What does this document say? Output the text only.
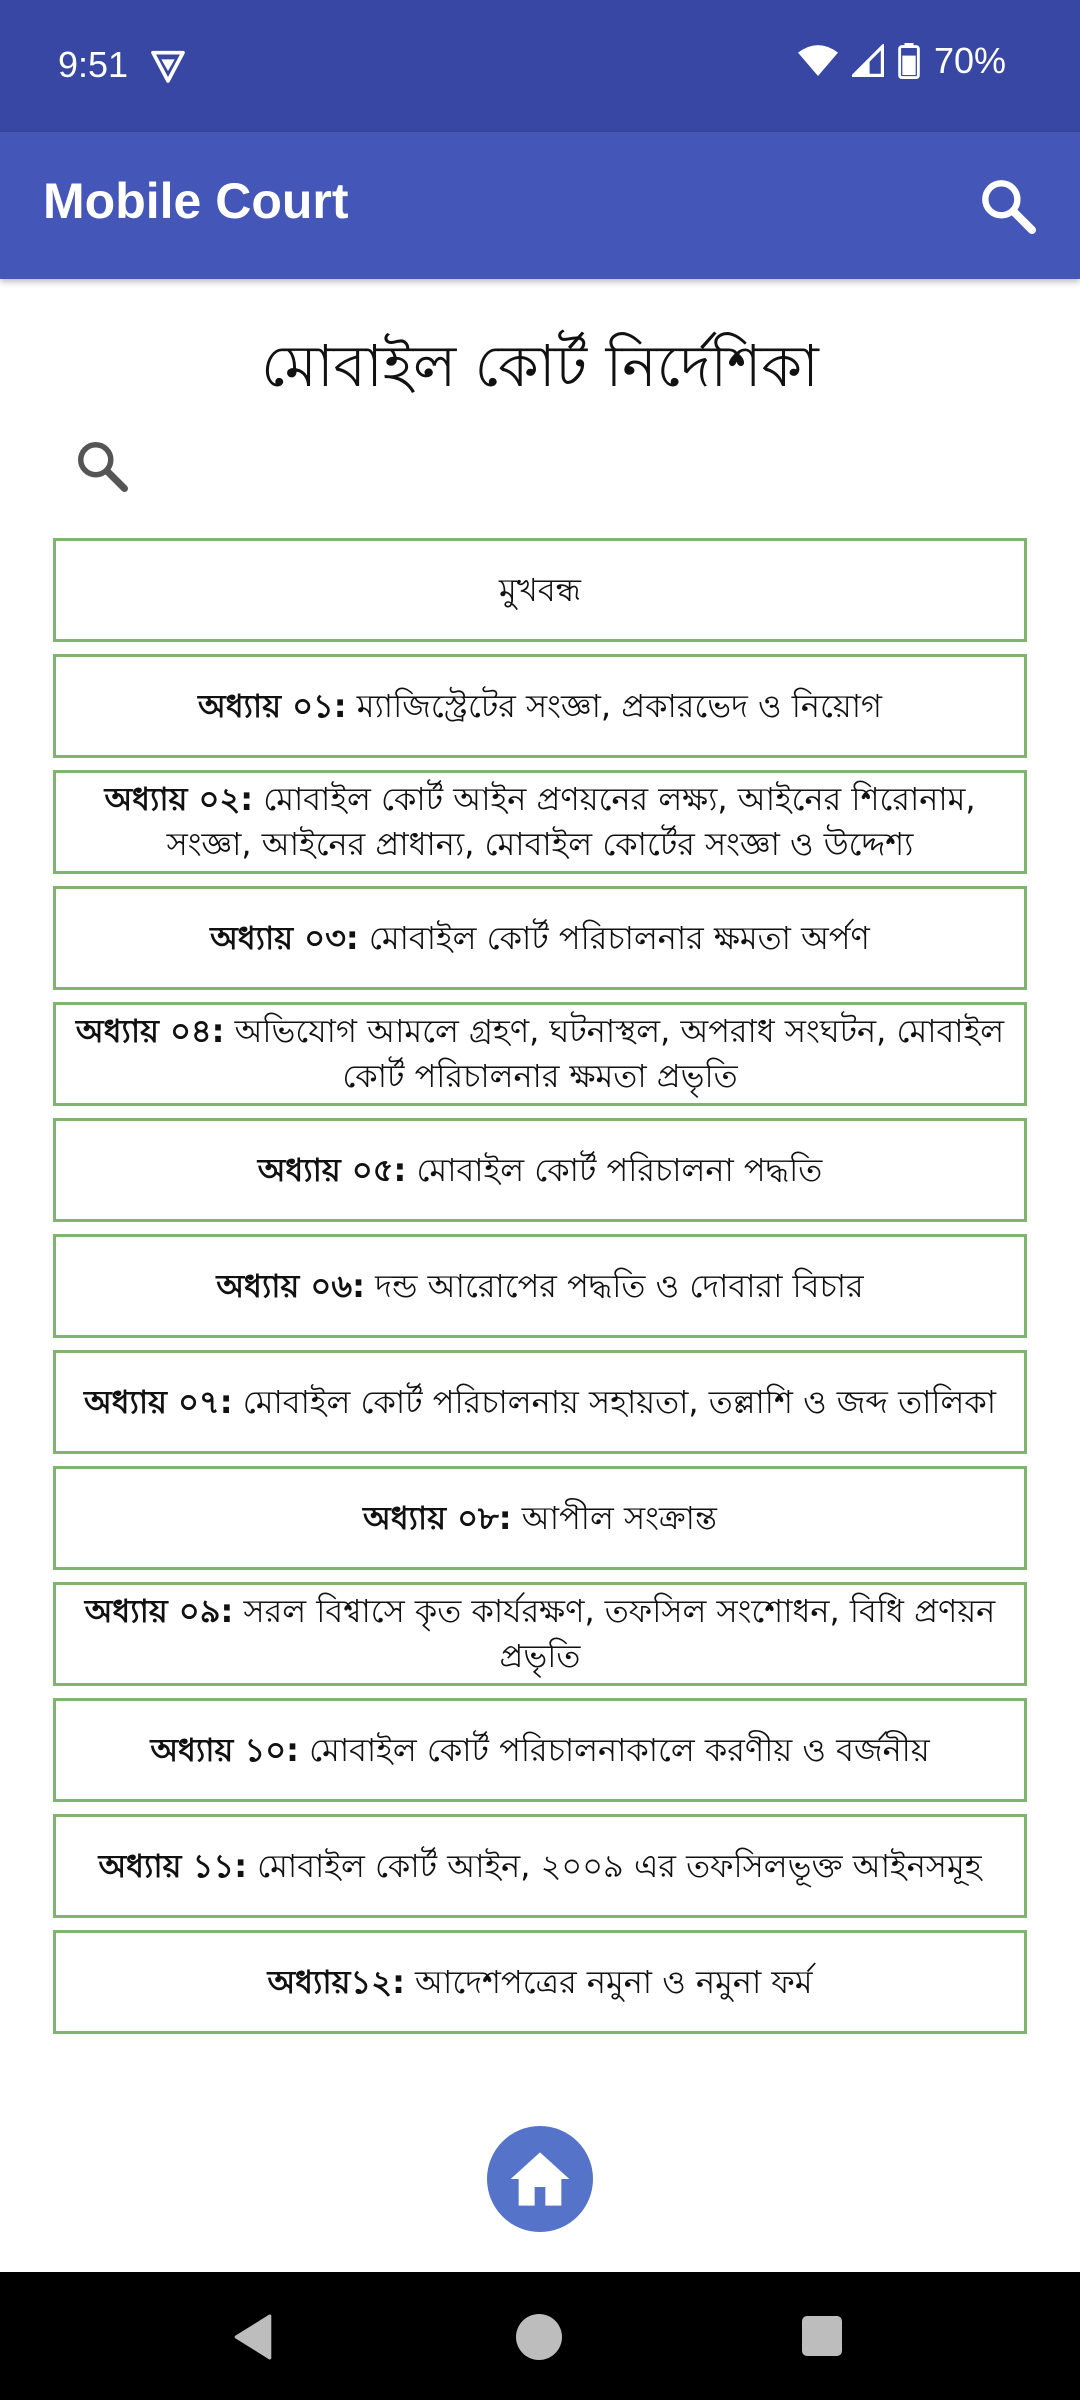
9:51	70%
Mobile Court
মোবাইল কোর্ট নির্দেশিকা
মুখবন্ধ
অধ্যায় ০১: ম্যাজিস্ট্রেটের সংজ্ঞা, প্রকারভেদ ও নিয়োগ
অধ্যায় ০২: মোবাইল কোর্ট আইন প্রণয়নের লক্ষ্য, আইনের শিরোনাম, সংজ্ঞা, আইনের প্রাধান্য, মোবাইল কোর্টের সংজ্ঞা ও উদ্দেশ্য
অধ্যায় ০৩: মোবাইল কোর্ট পরিচালনার ক্ষমতা অর্পণ
অধ্যায় ০৪: অভিযোগ আমলে গ্রহণ, ঘটনাস্থল, অপরাধ সংঘটন, মোবাইল কোর্ট পরিচালনার ক্ষমতা প্রভৃতি
অধ্যায় ০৫: মোবাইল কোর্ট পরিচালনা পদ্ধতি
অধ্যায় ০৬: দন্ড আরোপের পদ্ধতি ও দোবারা বিচার
অধ্যায় ০৭: মোবাইল কোর্ট পরিচালনায় সহায়তা, তল্লাশি ও জব্দ তালিকা
অধ্যায় ০৮: আপীল সংক্রান্ত
অধ্যায় ০৯: সরল বিশ্বাসে কৃত কার্যরক্ষণ, তফসিল সংশোধন, বিধি প্রণয়ন প্রভৃতি
অধ্যায় ১০: মোবাইল কোর্ট পরিচালনাকালে করণীয় ও বর্জনীয়
অধ্যায় ১১: মোবাইল কোর্ট আইন, ২০০৯ এর তফসিলভূক্ত আইনসমূহ
অধ্যায়১২: আদেশপত্রের নমুনা ও নমুনা ফর্ম
